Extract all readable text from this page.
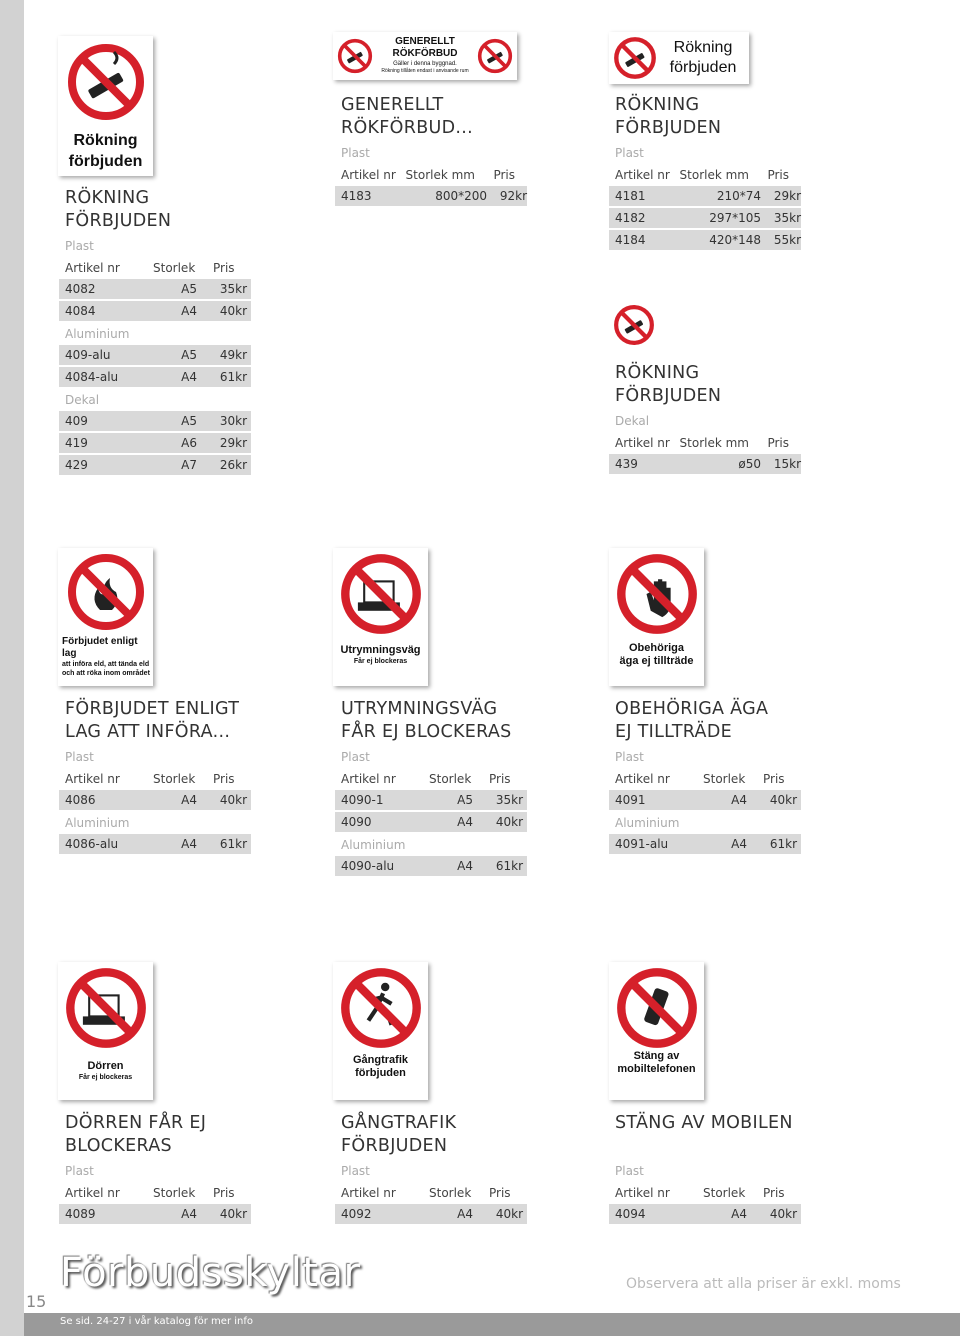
Rökning
förbjuden
GENERELLT
RÖKFÖRBUD
Gäller i denna byggnad.
Rökning tillåten endast i anvisande rum
Rökning
förbjuden
Förbjudet enligt lag
att införa eld, att tända eld
och att röka inom området
Utrymningsväg
Får ej blockeras
Obehöriga
äga ej tillträde
Dörren
Får ej blockeras
Gångtrafik
förbjuden
Stäng av
mobiltelefonen
RÖKNING
FÖRBJUDEN
Plast
Artikel nr	Storlek	Pris
4082	A5	35kr
4084	A4	40kr
Aluminium
409-alu	A5	49kr
4084-alu	A4	61kr
Dekal
409	A5	30kr
419	A6	29kr
429	A7	26kr
GENERELLT
RÖKFÖRBUD...
Plast
Artikel nr Storlek mm	Pris
4183	800*200	92kr
RÖKNING
FÖRBJUDEN
Plast
Artikel nr Storlek mm	Pris
4181	210*74	29kr
4182	297*105	35kr
4184	420*148	55kr
RÖKNING
FÖRBJUDEN
Dekal
Artikel nr Storlek mm	Pris
439	ø50	15kr
FÖRBJUDET ENLIGT
LAG ATT INFÖRA...
Plast
Artikel nr	Storlek	Pris
4086	A4	40kr
Aluminium
4086-alu	A4	61kr
UTRYMNINGSVÄG
FÅR EJ BLOCKERAS
Plast
Artikel nr	Storlek	Pris
4090-1	A5	35kr
4090	A4	40kr
Aluminium
4090-alu	A4	61kr
OBEHÖRIGA ÄGA
EJ TILLTRÄDE
Plast
Artikel nr	Storlek	Pris
4091	A4	40kr
Aluminium
4091-alu	A4	61kr
DÖRREN FÅR EJ
BLOCKERAS
Plast
Artikel nr	Storlek	Pris
4089	A4	40kr
GÅNGTRAFIK
FÖRBJUDEN
Plast
Artikel nr	Storlek	Pris
4092	A4	40kr
STÄNG AV MOBILEN
Plast
Artikel nr	Storlek	Pris
4094	A4	40kr
Förbudsskyltar	Observera att alla priser är exkl. moms
15
Se sid. 24-27 i vår katalog för mer info
